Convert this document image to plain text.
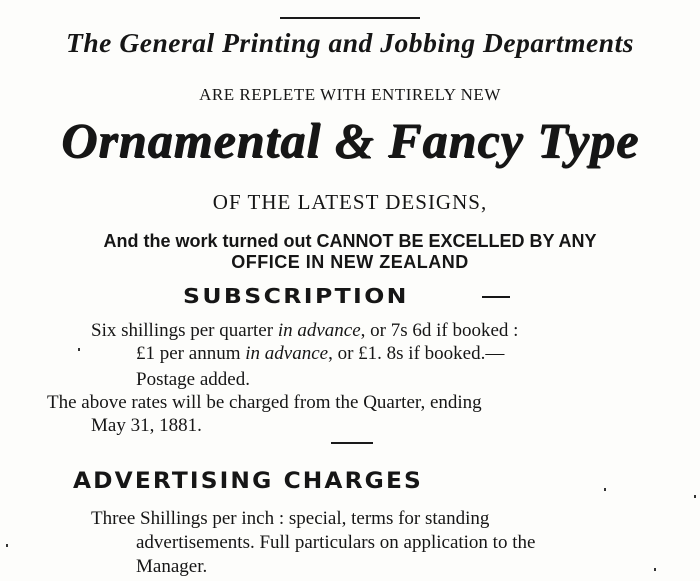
The General Printing and Jobbing Departments
ARE REPLETE WITH ENTIRELY NEW
Ornamental & Fancy Type
OF THE LATEST DESIGNS,
And the work turned out CANNOT BE EXCELLED BY ANY
OFFICE IN NEW ZEALAND
SUBSCRIPTION
Six shillings per quarter in advance, or 7s 6d if booked :
£1 per annum in advance, or £1. 8s if booked.—
Postage added.
The above rates will be charged from the Quarter, ending
May 31, 1881.
ADVERTISING CHARGES
Three Shillings per inch : special, terms for standing
advertisements. Full particulars on application to the
Manager.
